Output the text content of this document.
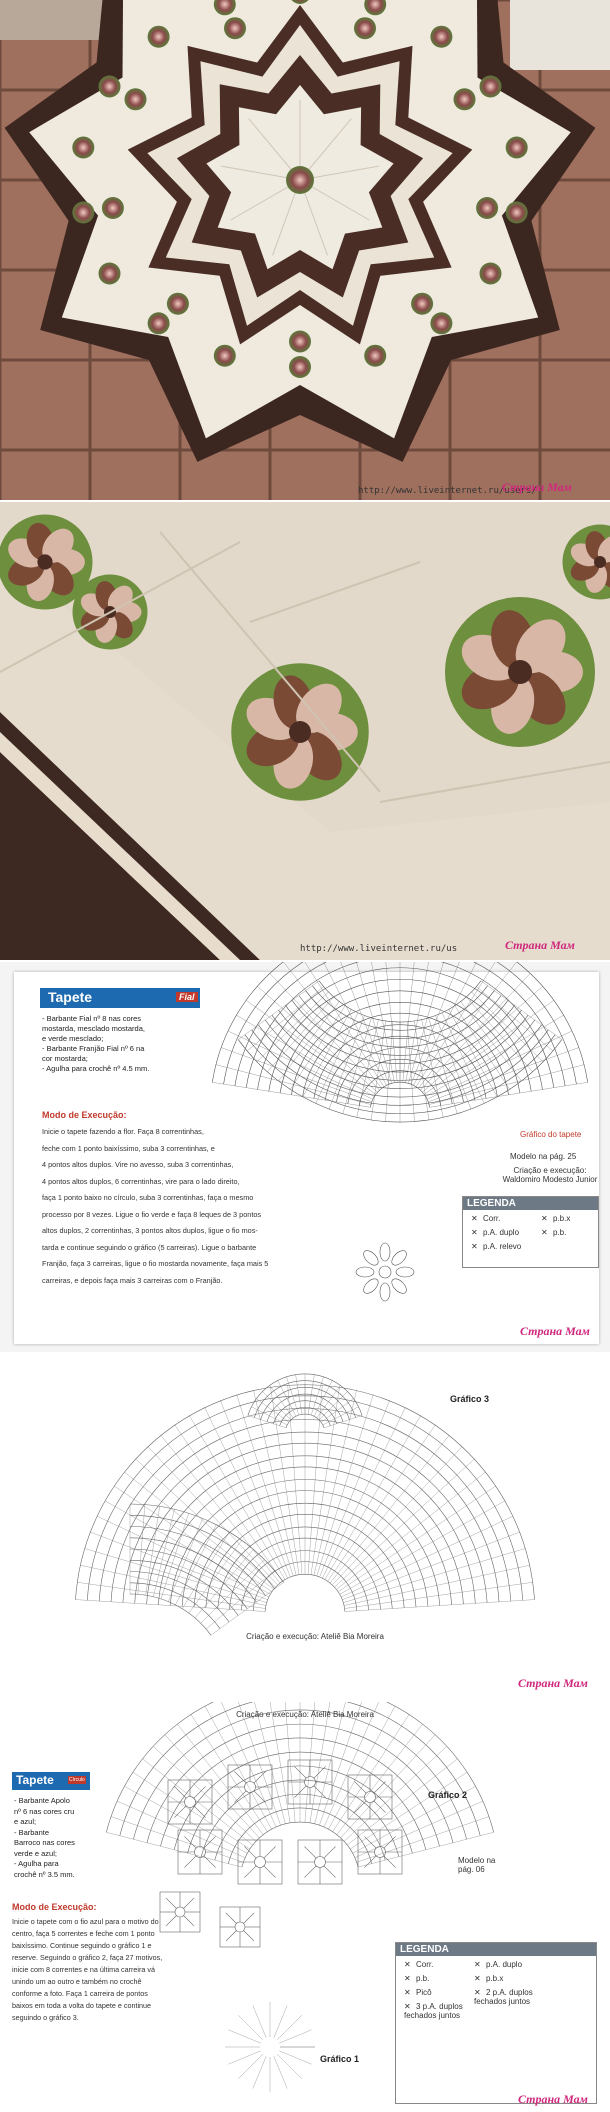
http://www.liveinternet.ru/users/
Страна Мам
http://www.liveinternet.ru/us	Страна Мам
Tapete	Fial
- Barbante Fial nº 8 nas cores
mostarda, mesclado mostarda,
e verde mesclado;
- Barbante Franjão Fial nº 6 na
cor mostarda;
- Agulha para crochê nº 4.5 mm.
Modo de Execução:
Inicie o tapete fazendo a flor. Faça 8 correntinhas,
feche com 1 ponto baixíssimo, suba 3 correntinhas, e
4 pontos altos duplos. Vire no avesso, suba 3 correntinhas,
4 pontos altos duplos, 6 correntinhas, vire para o lado direito,
faça 1 ponto baixo no círculo, suba 3 correntinhas, faça o mesmo
processo por 8 vezes. Ligue o fio verde e faça 8 leques de 3 pontos
altos duplos, 2 correntinhas, 3 pontos altos duplos, ligue o fio mos-
tarda e continue seguindo o gráfico (5 carreiras). Ligue o barbante
Franjão, faça 3 carreiras, ligue o fio mostarda novamente, faça mais 5
carreiras, e depois faça mais 3 carreiras com o Franjão.
Gráfico do tapete
Modelo na pág. 25
Criação e execução: Waldomiro Modesto Junior
LEGENDA
✕ Corr.	✕ p.b.x
✕ p.A. duplo	✕ p.b.
✕ p.A. relevo
Страна Мам
Gráfico 3
Criação e execução: Ateliê Bia Moreira
Страна Мам
Criação e execução: Ateliê Bia Moreira
Tapete	Círculo
- Barbante Apolo
nº 6 nas cores cru
e azul;
- Barbante
Barroco nas cores
verde e azul;
- Agulha para
crochê nº 3.5 mm.
Gráfico 2
Modelo na pág. 06
Modo de Execução:
Inicie o tapete com o fio azul para o motivo do
centro, faça 5 correntes e feche com 1 ponto
baixíssimo. Continue seguindo o gráfico 1 e
reserve. Seguindo o gráfico 2, faça 27 motivos,
inicie com 8 correntes e na última carreira vá
unindo um ao outro e também no crochê
conforme a foto. Faça 1 carreira de pontos
baixos em toda a volta do tapete e continue
seguindo o gráfico 3.
Gráfico 1
LEGENDA
✕ Corr.	✕ p.A. duplo
✕ p.b.	✕ p.b.x
✕ Picô	✕ 2 p.A. duplos fechados juntos
✕ 3 p.A. duplos fechados juntos
Страна Мам
